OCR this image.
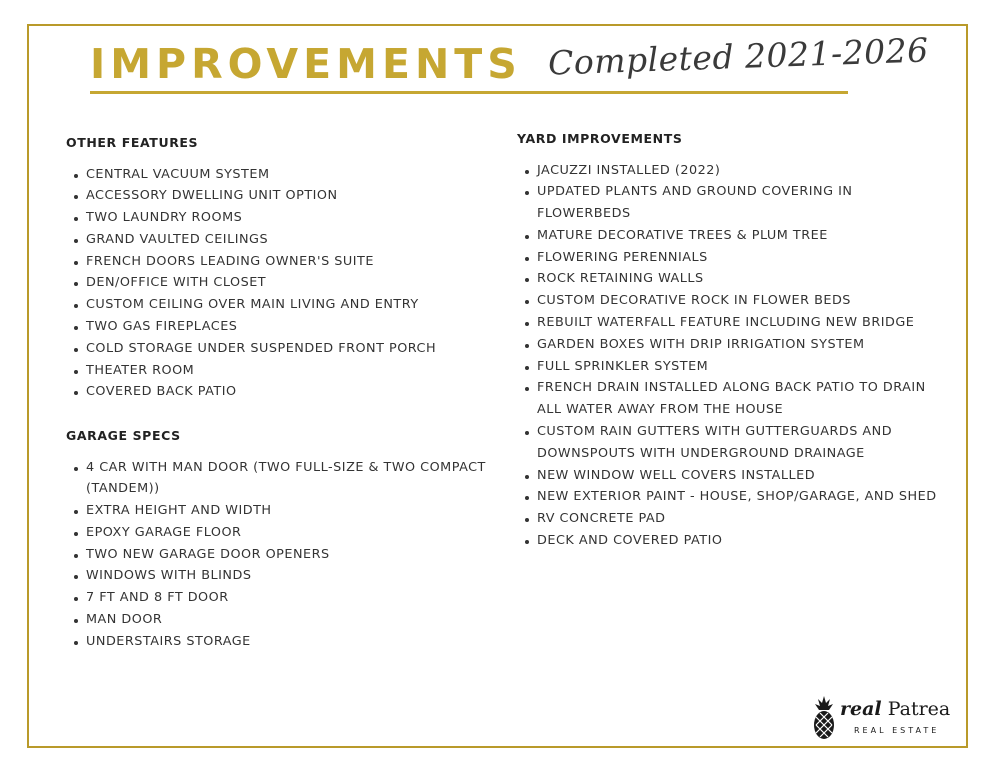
IMPROVEMENTS Completed 2021-2026
OTHER FEATURES
CENTRAL VACUUM SYSTEM
ACCESSORY DWELLING UNIT OPTION
TWO LAUNDRY ROOMS
GRAND VAULTED CEILINGS
FRENCH DOORS LEADING OWNER'S SUITE
DEN/OFFICE WITH CLOSET
CUSTOM CEILING OVER MAIN LIVING AND ENTRY
TWO GAS FIREPLACES
COLD STORAGE UNDER SUSPENDED FRONT PORCH
THEATER ROOM
COVERED BACK PATIO
GARAGE SPECS
4 CAR WITH MAN DOOR (TWO FULL-SIZE & TWO COMPACT (TANDEM))
EXTRA HEIGHT AND WIDTH
EPOXY GARAGE FLOOR
TWO NEW GARAGE DOOR OPENERS
WINDOWS WITH BLINDS
7 FT AND 8 FT DOOR
MAN DOOR
UNDERSTAIRS STORAGE
YARD IMPROVEMENTS
JACUZZI INSTALLED (2022)
UPDATED PLANTS AND GROUND COVERING IN FLOWERBEDS
MATURE DECORATIVE TREES & PLUM TREE
FLOWERING PERENNIALS
ROCK RETAINING WALLS
CUSTOM DECORATIVE ROCK IN FLOWER BEDS
REBUILT WATERFALL FEATURE INCLUDING NEW BRIDGE
GARDEN BOXES WITH DRIP IRRIGATION SYSTEM
FULL SPRINKLER SYSTEM
FRENCH DRAIN INSTALLED ALONG BACK PATIO TO DRAIN ALL WATER AWAY FROM THE HOUSE
CUSTOM RAIN GUTTERS WITH GUTTERGUARDS AND DOWNSPOUTS WITH UNDERGROUND DRAINAGE
NEW WINDOW WELL COVERS INSTALLED
NEW EXTERIOR PAINT - HOUSE, SHOP/GARAGE, AND SHED
RV CONCRETE PAD
DECK AND COVERED PATIO
real Patrea
REAL ESTATE
